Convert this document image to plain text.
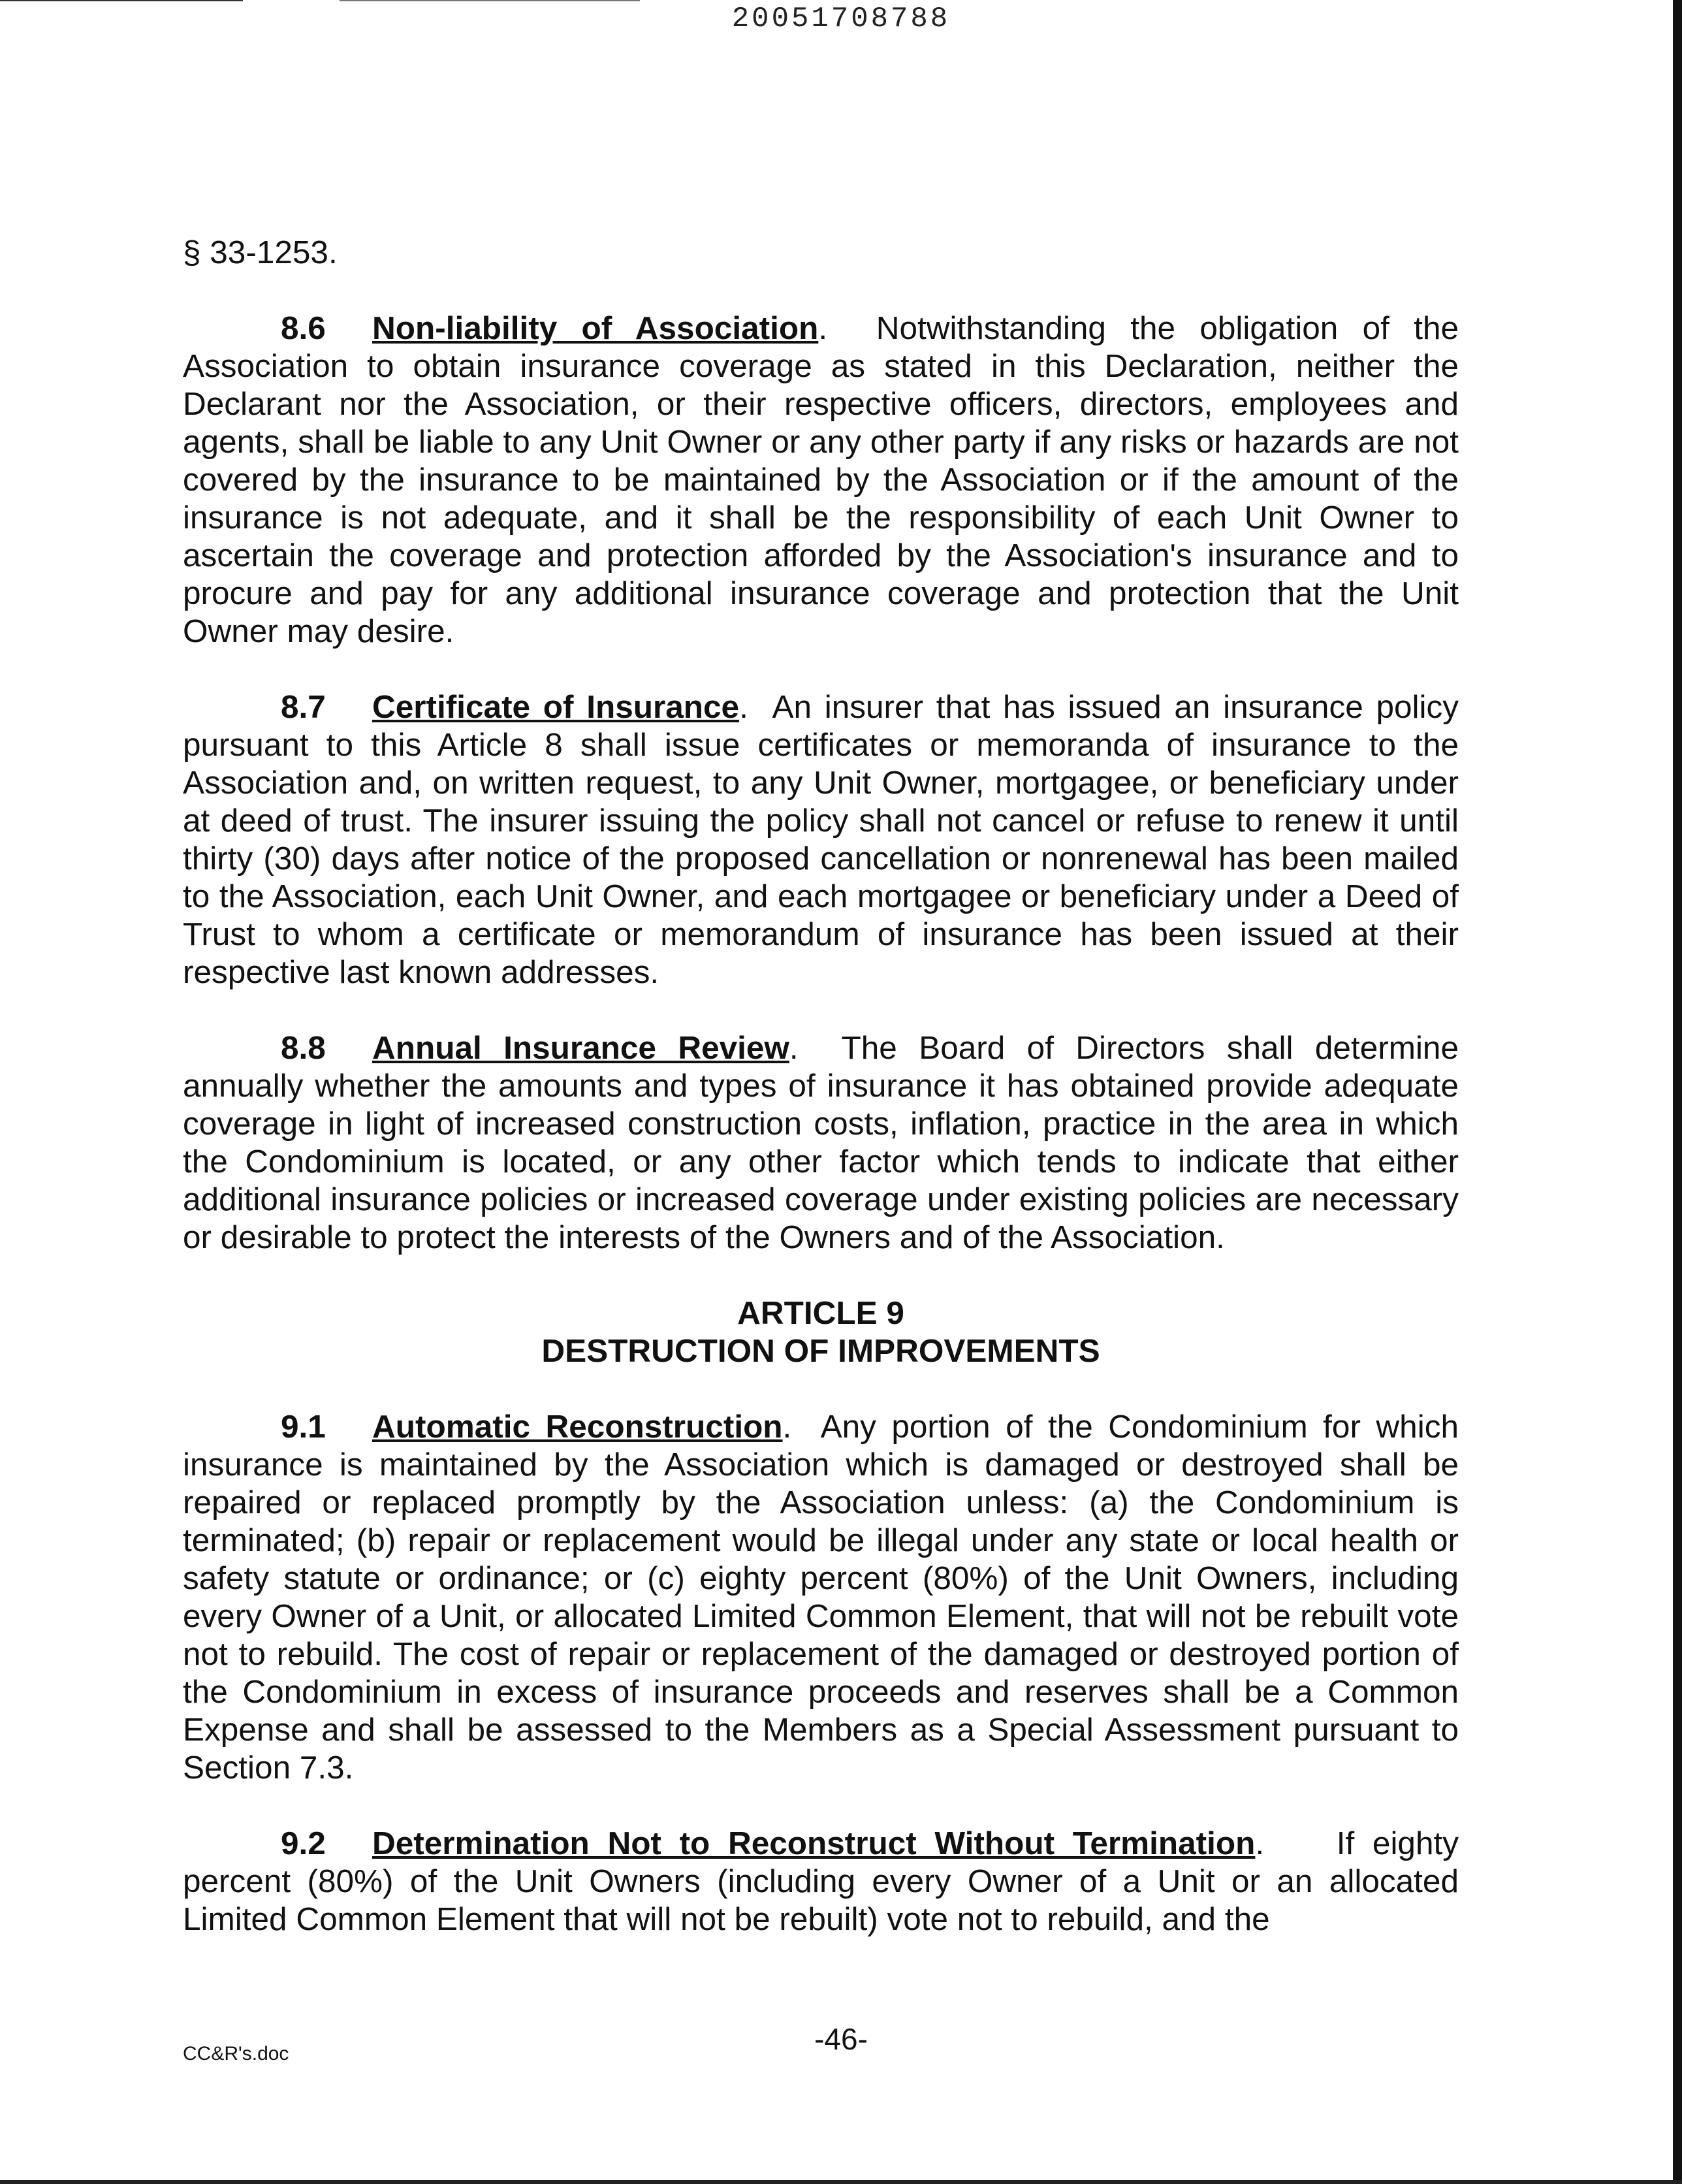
20051708788
§ 33-1253.

8.6 Non-liability of Association.  Notwithstanding the obligation of the Association to obtain insurance coverage as stated in this Declaration, neither the Declarant nor the Association, or their respective officers, directors, employees and agents, shall be liable to any Unit Owner or any other party if any risks or hazards are not covered by the insurance to be maintained by the Association or if the amount of the insurance is not adequate, and it shall be the responsibility of each Unit Owner to ascertain the coverage and protection afforded by the Association's insurance and to procure and pay for any additional insurance coverage and protection that the Unit Owner may desire.

8.7 Certificate of Insurance.  An insurer that has issued an insurance policy pursuant to this Article 8 shall issue certificates or memoranda of insurance to the Association and, on written request, to any Unit Owner, mortgagee, or beneficiary under at deed of trust. The insurer issuing the policy shall not cancel or refuse to renew it until thirty (30) days after notice of the proposed cancellation or nonrenewal has been mailed to the Association, each Unit Owner, and each mortgagee or beneficiary under a Deed of Trust to whom a certificate or memorandum of insurance has been issued at their respective last known addresses.

8.8 Annual Insurance Review.  The Board of Directors shall determine annually whether the amounts and types of insurance it has obtained provide adequate coverage in light of increased construction costs, inflation, practice in the area in which the Condominium is located, or any other factor which tends to indicate that either additional insurance policies or increased coverage under existing policies are necessary or desirable to protect the interests of the Owners and of the Association.

ARTICLE 9
DESTRUCTION OF IMPROVEMENTS

9.1 Automatic Reconstruction.  Any portion of the Condominium for which insurance is maintained by the Association which is damaged or destroyed shall be repaired or replaced promptly by the Association unless: (a) the Condominium is terminated; (b) repair or replacement would be illegal under any state or local health or safety statute or ordinance; or (c) eighty percent (80%) of the Unit Owners, including every Owner of a Unit, or allocated Limited Common Element, that will not be rebuilt vote not to rebuild. The cost of repair or replacement of the damaged or destroyed portion of the Condominium in excess of insurance proceeds and reserves shall be a Common Expense and shall be assessed to the Members as a Special Assessment pursuant to Section 7.3.

9.2 Determination Not to Reconstruct Without Termination.    If eighty percent (80%) of the Unit Owners (including every Owner of a Unit or an allocated Limited Common Element that will not be rebuilt) vote not to rebuild, and the

-46-
CC&R's.doc
